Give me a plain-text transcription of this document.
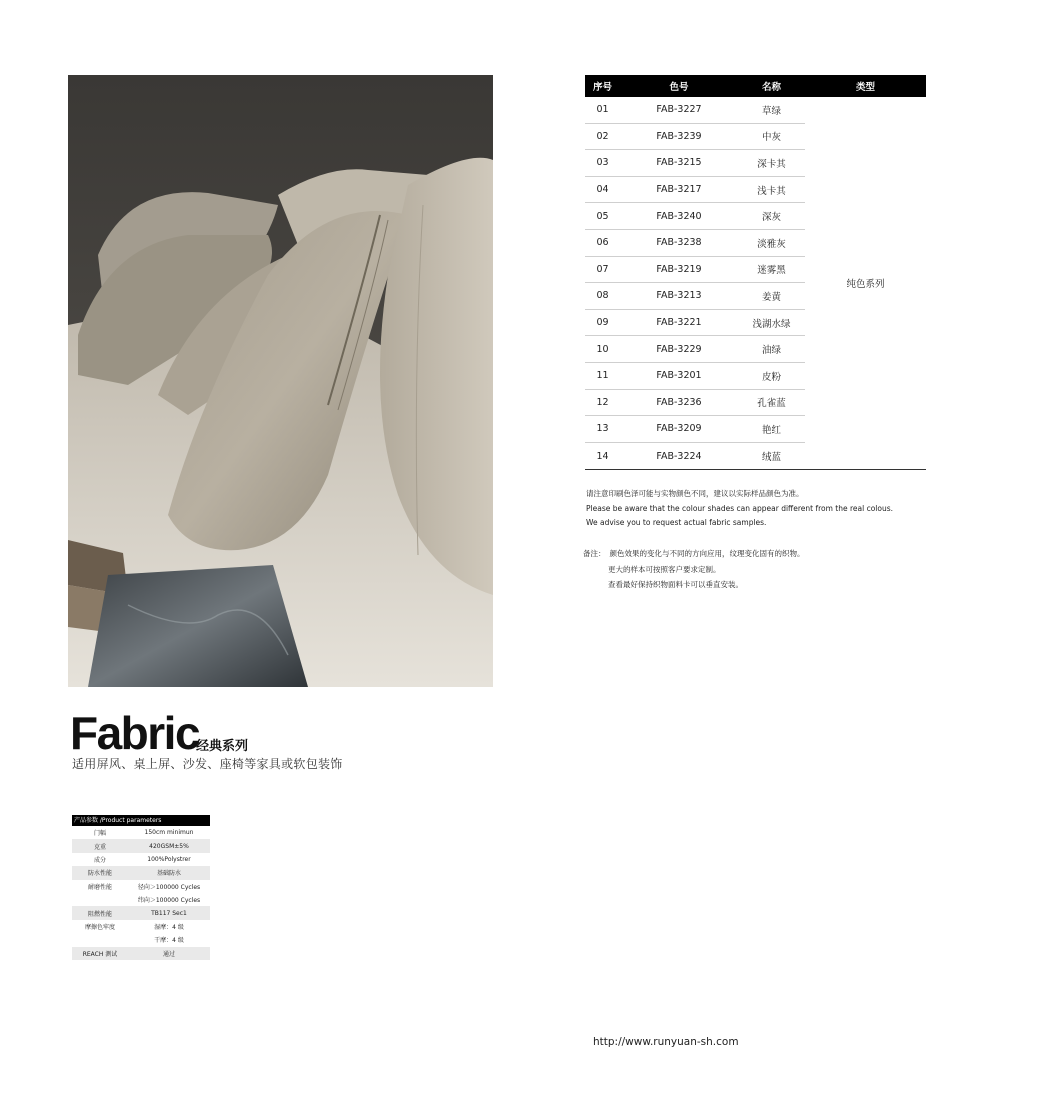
Fabric
经典系列
适用屏风、桌上屏、沙发、座椅等家具或软包装饰
产品参数 /Product parameters
门幅	150cm minimun
克重	420GSM±5%
成分	100%Polystrer
防水性能	基础防水
耐磨性能	径向＞100000 Cycles
纬向＞100000 Cycles
阻燃性能	TB117 Sec1
摩擦色牢度	湿摩：4 级
干摩：4 级
REACH 测试	通过
序号	色号	名称	类型
纯色系列
01	FAB-3227	草绿
02	FAB-3239	中灰
03	FAB-3215	深卡其
04	FAB-3217	浅卡其
05	FAB-3240	深灰
06	FAB-3238	淡雅灰
07	FAB-3219	迷雾黑
08	FAB-3213	姜黄
09	FAB-3221	浅湖水绿
10	FAB-3229	油绿
11	FAB-3201	皮粉
12	FAB-3236	孔雀蓝
13	FAB-3209	艳红
14	FAB-3224	绒蓝
请注意印刷色泽可能与实物颜色不同，建议以实际样品颜色为准。
Please be aware that the colour shades can appear different from the real colous.
We advise you to request actual fabric samples.
备注： 颜色效果的变化与不同的方向应用，纹理变化固有的织物。
更大的样本可按照客户要求定制。
查看最好保持织物面料卡可以垂直安装。
http://www.runyuan-sh.com
